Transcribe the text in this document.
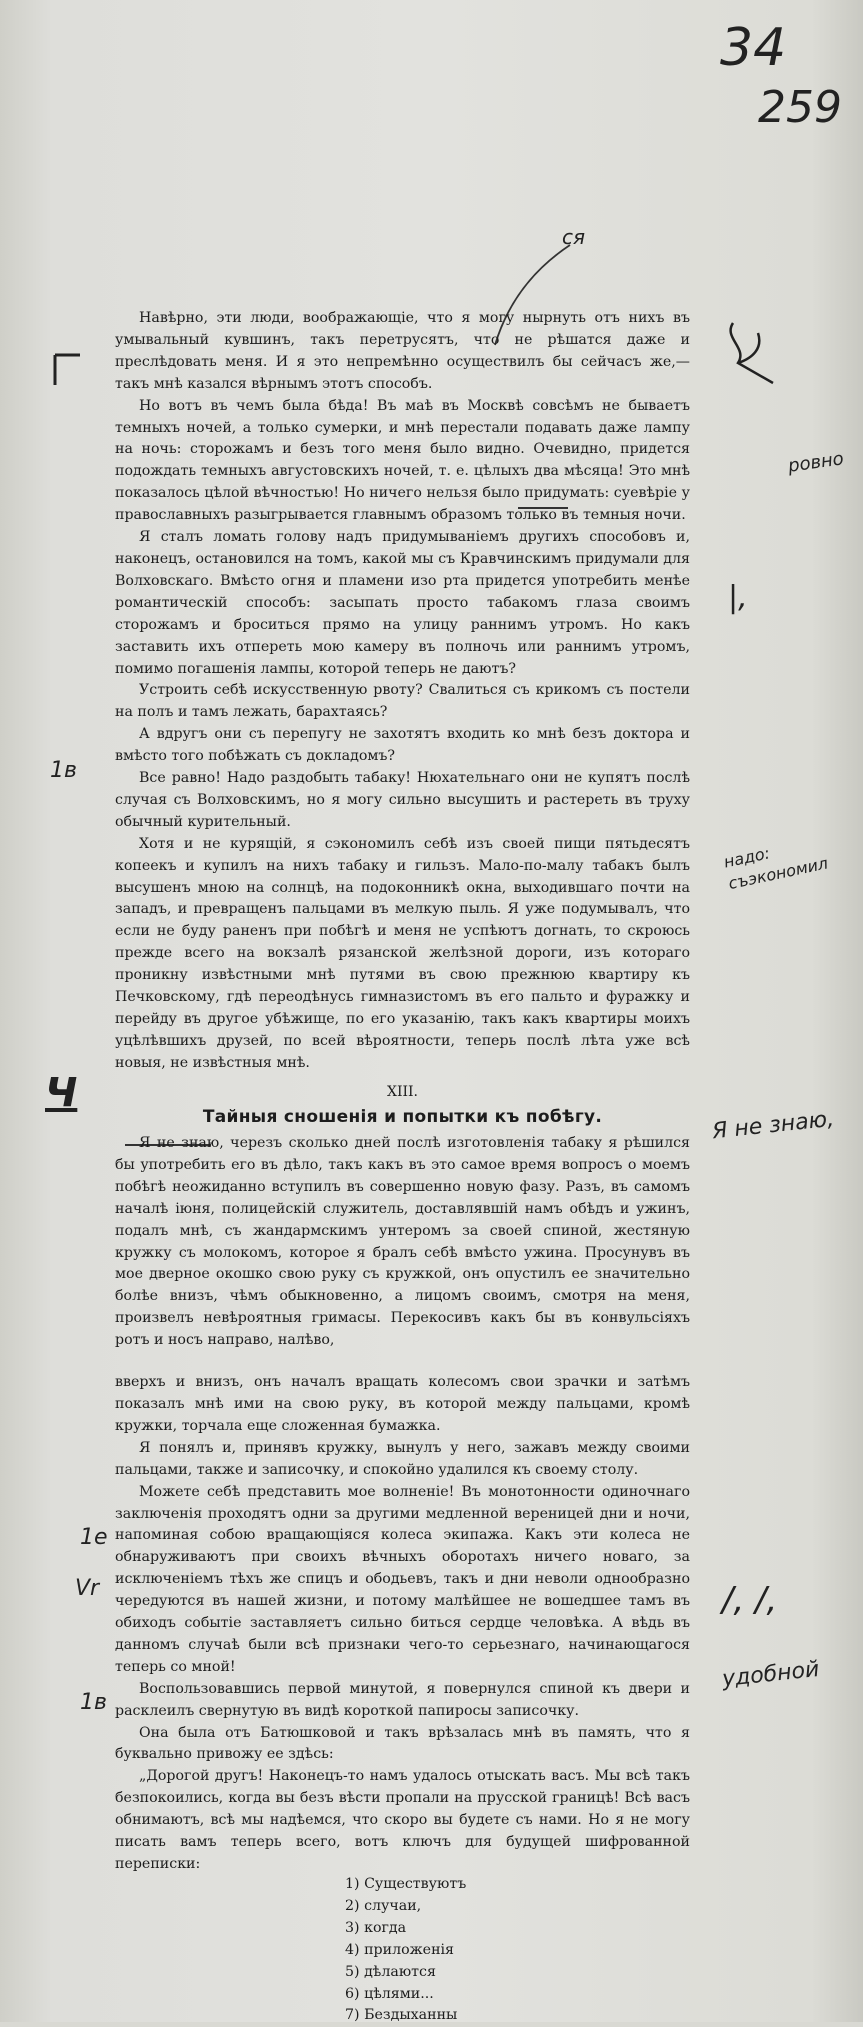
34
259
ся
ровно
|,
1в
надо: съэкономил
Ч
Я не знаю,
1е
Vr	/, /,
удобной
1в

Навѣрно, эти люди, воображающіе, что я могу нырнуть отъ нихъ въ умывальный кувшинъ, такъ перетрусятъ, что не рѣшатся даже и преслѣдовать меня. И я это непремѣнно осуществилъ бы сейчасъ же,— такъ мнѣ казался вѣрнымъ этотъ способъ.

Но вотъ въ чемъ была бѣда! Въ маѣ въ Москвѣ совсѣмъ не бываетъ темныхъ ночей, а только сумерки, и мнѣ перестали подавать даже лампу на ночь: сторожамъ и безъ того меня было видно. Очевидно, придется подождать темныхъ августовскихъ ночей, т. е. цѣлыхъ два мѣсяца! Это мнѣ показалось цѣлой вѣчностью! Но ничего нельзя было придумать: суевѣріе у православныхъ разыгрывается главнымъ образомъ только въ темныя ночи.

Я сталъ ломать голову надъ придумываніемъ другихъ способовъ и, наконецъ, остановился на томъ, какой мы съ Кравчинскимъ придумали для Волховскаго. Вмѣсто огня и пламени изо рта придется употребить менѣе романтическій способъ: засыпать просто табакомъ глаза своимъ сторожамъ и броситься прямо на улицу раннимъ утромъ. Но какъ заставить ихъ отперeть мою камеру въ полночь или раннимъ утромъ, помимо погашенія лампы, которой теперь не даютъ?

Устроить себѣ искусственную рвоту? Свалиться съ крикомъ съ постели на полъ и тамъ лежать, барахтаясь?

А вдругъ они съ перепугу не захотятъ входить ко мнѣ безъ доктора и вмѣсто того побѣжать съ докладомъ?

Все равно! Надо раздобыть табаку! Нюхательнаго они не купятъ послѣ случая съ Волховскимъ, но я могу сильно высушить и растереть въ труху обычный курительный.

Хотя и не курящій, я сэкономилъ себѣ изъ своей пищи пятьдесятъ копеекъ и купилъ на нихъ табаку и гильзъ. Мало-по-малу табакъ былъ высушенъ мною на солнцѣ, на подоконникѣ окна, выходившаго почти на западъ, и превращенъ пальцами въ мелкую пыль. Я уже подумывалъ, что если не буду раненъ при побѣгѣ и меня не успѣютъ догнать, то скроюсь прежде всего на вокзалѣ рязанской желѣзной дороги, изъ котораго проникну извѣстными мнѣ путями въ свою прежнюю квартиру къ Печковскому, гдѣ переодѣнусь гимназистомъ въ его пальто и фуражку и перейду въ другое убѣжище, по его указанію, такъ какъ квартиры моихъ уцѣлѣвшихъ друзей, по всей вѣроятности, теперь послѣ лѣта уже всѣ новыя, не извѣстныя мнѣ.

XIII.
Тайныя сношенія и попытки къ побѣгу.

Я не знаю, черезъ сколько дней послѣ изготовленія табаку я рѣшился бы употребить его въ дѣло, такъ какъ въ это самое время вопросъ о моемъ побѣгѣ неожиданно вступилъ въ совершенно новую фазу. Разъ, въ самомъ началѣ іюня, полицейскій служитель, доставлявшій намъ обѣдъ и ужинъ, подалъ мнѣ, съ жандармскимъ унтеромъ за своей спиной, жестяную кружку съ молокомъ, которое я бралъ себѣ вмѣсто ужина. Просунувъ въ мое дверное окошко свою руку съ кружкой, онъ опустилъ ее значительно болѣе внизъ, чѣмъ обыкновенно, а лицомъ своимъ, смотря на меня, произвелъ невѣроятныя гримасы. Перекосивъ какъ бы въ конвульсіяхъ ротъ и носъ направо, налѣво,

вверхъ и внизъ, онъ началъ вращать колесомъ свои зрачки и затѣмъ показалъ мнѣ ими на свою руку, въ которой между пальцами, кромѣ кружки, торчала еще сложенная бумажка.

Я понялъ и, принявъ кружку, вынулъ у него, зажавъ между своими пальцами, также и записочку, и спокойно удалился къ своему столу.

Можете себѣ представить мое волненіе! Въ монотонности одиночнаго заключенія проходятъ одни за другими медленной вереницей дни и ночи, напоминая собою вращающіяся колеса экипажа. Какъ эти колеса не обнаруживаютъ при своихъ вѣчныхъ оборотахъ ничего новаго, за исключеніемъ тѣхъ же спицъ и ободьевъ, такъ и дни неволи однообразно чередуются въ нашей жизни, и потому малѣйшее не вошедшее тамъ въ обиходъ событіе заставляетъ сильно биться сердце человѣка. А вѣдь въ данномъ случаѣ были всѣ признаки чего-то серьезнаго, начинающагося теперь со мной!

Воспользовавшись первой минутой, я повернулся спиной къ двери и расклеилъ свернутую въ видѣ короткой папиросы записочку.

Она была отъ Батюшковой и такъ врѣзалась мнѣ въ память, что я буквально привожу ее здѣсь:

„Дорогой другъ! Наконецъ-то намъ удалось отыскать васъ. Мы всѣ такъ безпокоились, когда вы безъ вѣсти пропали на прусской границѣ! Всѣ васъ обнимаютъ, всѣ мы надѣемся, что скоро вы будете съ нами. Но я не могу писать вамъ теперь всего, вотъ ключъ для будущей шифрованной переписки:

1) Существуютъ
2) случаи,
3) когда
4) приложенія
5) дѣлаются
6) цѣлями...
7) Бездыханны
